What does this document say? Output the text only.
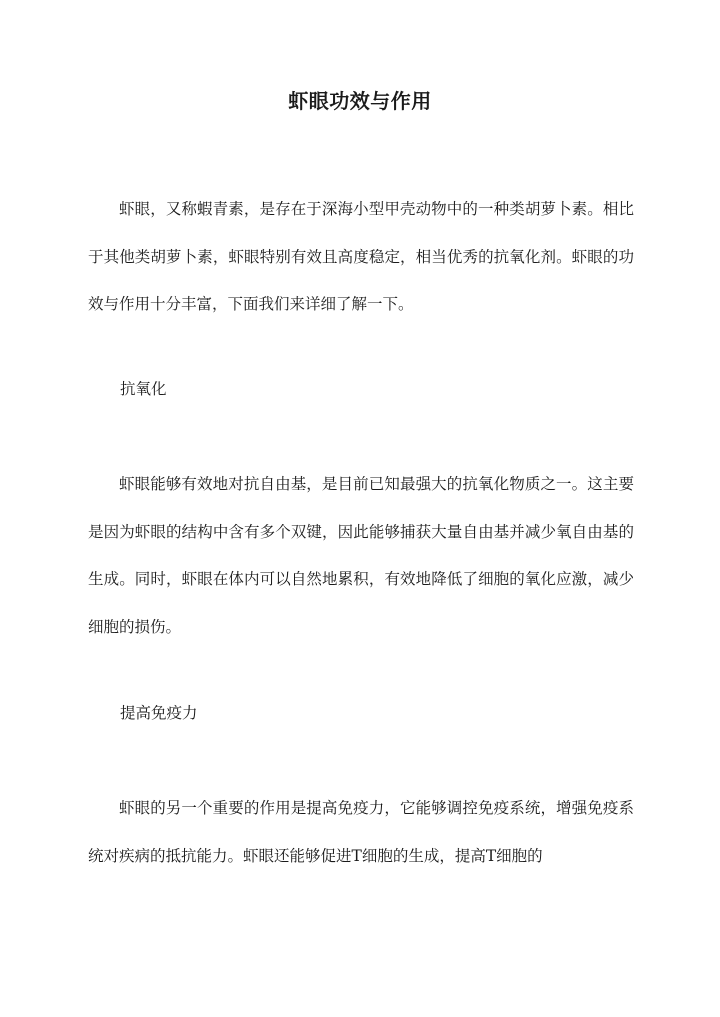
虾眼功效与作用

虾眼，又称蝦青素，是存在于深海小型甲壳动物中的一种类胡萝卜素。相比于其他类胡萝卜素，虾眼特别有效且高度稳定，相当优秀的抗氧化剂。虾眼的功效与作用十分丰富，下面我们来详细了解一下。

抗氧化

虾眼能够有效地对抗自由基，是目前已知最强大的抗氧化物质之一。这主要是因为虾眼的结构中含有多个双键，因此能够捕获大量自由基并减少氧自由基的生成。同时，虾眼在体内可以自然地累积，有效地降低了细胞的氧化应激，减少细胞的损伤。

提高免疫力

虾眼的另一个重要的作用是提高免疫力，它能够调控免疫系统，增强免疫系统对疾病的抵抗能力。虾眼还能够促进T细胞的生成，提高T细胞的
